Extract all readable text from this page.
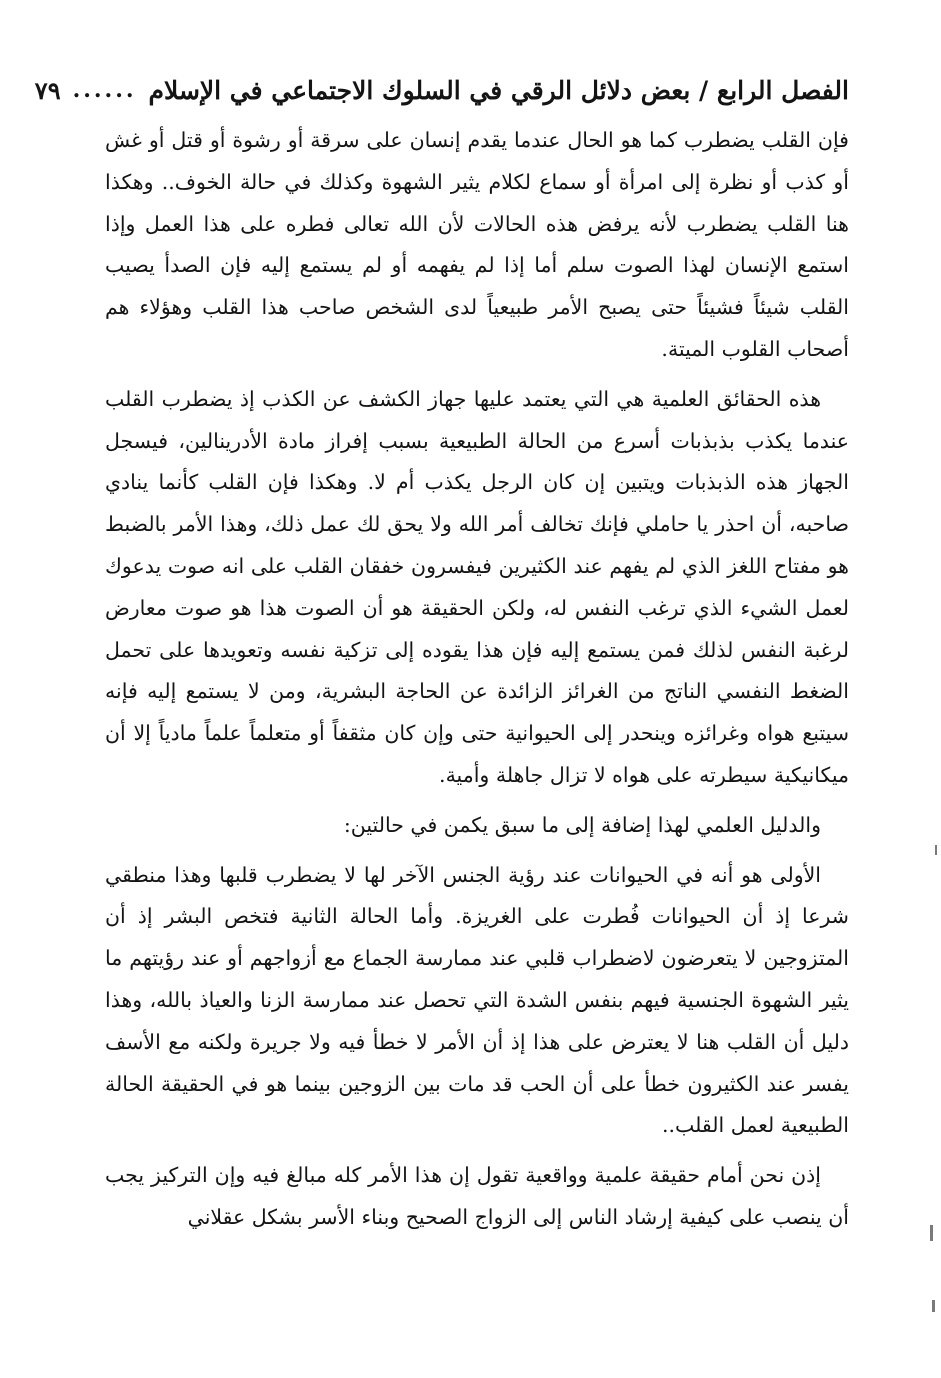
الفصل الرابع / بعض دلائل الرقي في السلوك الاجتماعي في الإسلام
......
٧٩

فإن القلب يضطرب كما هو الحال عندما يقدم إنسان على سرقة أو رشوة أو قتل أو غش أو كذب أو نظرة إلى امرأة أو سماع لكلام يثير الشهوة وكذلك في حالة الخوف.. وهكذا هنا القلب يضطرب لأنه يرفض هذه الحالات لأن الله تعالى فطره على هذا العمل وإذا استمع الإنسان لهذا الصوت سلم أما إذا لم يفهمه أو لم يستمع إليه فإن الصدأ يصيب القلب شيئاً فشيئاً حتى يصبح الأمر طبيعياً لدى الشخص صاحب هذا القلب وهؤلاء هم أصحاب القلوب الميتة.

هذه الحقائق العلمية هي التي يعتمد عليها جهاز الكشف عن الكذب إذ يضطرب القلب عندما يكذب بذبذبات أسرع من الحالة الطبيعية بسبب إفراز مادة الأدرينالين، فيسجل الجهاز هذه الذبذبات ويتبين إن كان الرجل يكذب أم لا. وهكذا فإن القلب كأنما ينادي صاحبه، أن احذر يا حاملي فإنك تخالف أمر الله ولا يحق لك عمل ذلك، وهذا الأمر بالضبط هو مفتاح اللغز الذي لم يفهم عند الكثيرين فيفسرون خفقان القلب على انه صوت يدعوك لعمل الشيء الذي ترغب النفس له، ولكن الحقيقة هو أن الصوت هذا هو صوت معارض لرغبة النفس لذلك فمن يستمع إليه فإن هذا يقوده إلى تزكية نفسه وتعويدها على تحمل الضغط النفسي الناتج من الغرائز الزائدة عن الحاجة البشرية، ومن لا يستمع إليه فإنه سيتبع هواه وغرائزه وينحدر إلى الحيوانية حتى وإن كان مثقفاً أو متعلماً علماً مادياً إلا أن ميكانيكية سيطرته على هواه لا تزال جاهلة وأمية.

والدليل العلمي لهذا إضافة إلى ما سبق يكمن في حالتين:

الأولى هو أنه في الحيوانات عند رؤية الجنس الآخر لها لا يضطرب قلبها وهذا منطقي شرعا إذ أن الحيوانات فُطرت على الغريزة. وأما الحالة الثانية فتخص البشر إذ أن المتزوجين لا يتعرضون لاضطراب قلبي عند ممارسة الجماع مع أزواجهم أو عند رؤيتهم ما يثير الشهوة الجنسية فيهم بنفس الشدة التي تحصل عند ممارسة الزنا والعياذ بالله، وهذا دليل أن القلب هنا لا يعترض على هذا إذ أن الأمر لا خطأ فيه ولا جريرة ولكنه مع الأسف يفسر عند الكثيرون خطأ على أن الحب قد مات بين الزوجين بينما هو في الحقيقة الحالة الطبيعية لعمل القلب..

إذن نحن أمام حقيقة علمية وواقعية تقول إن هذا الأمر كله مبالغ فيه وإن التركيز يجب أن ينصب على كيفية إرشاد الناس إلى الزواج الصحيح وبناء الأسر بشكل عقلاني
